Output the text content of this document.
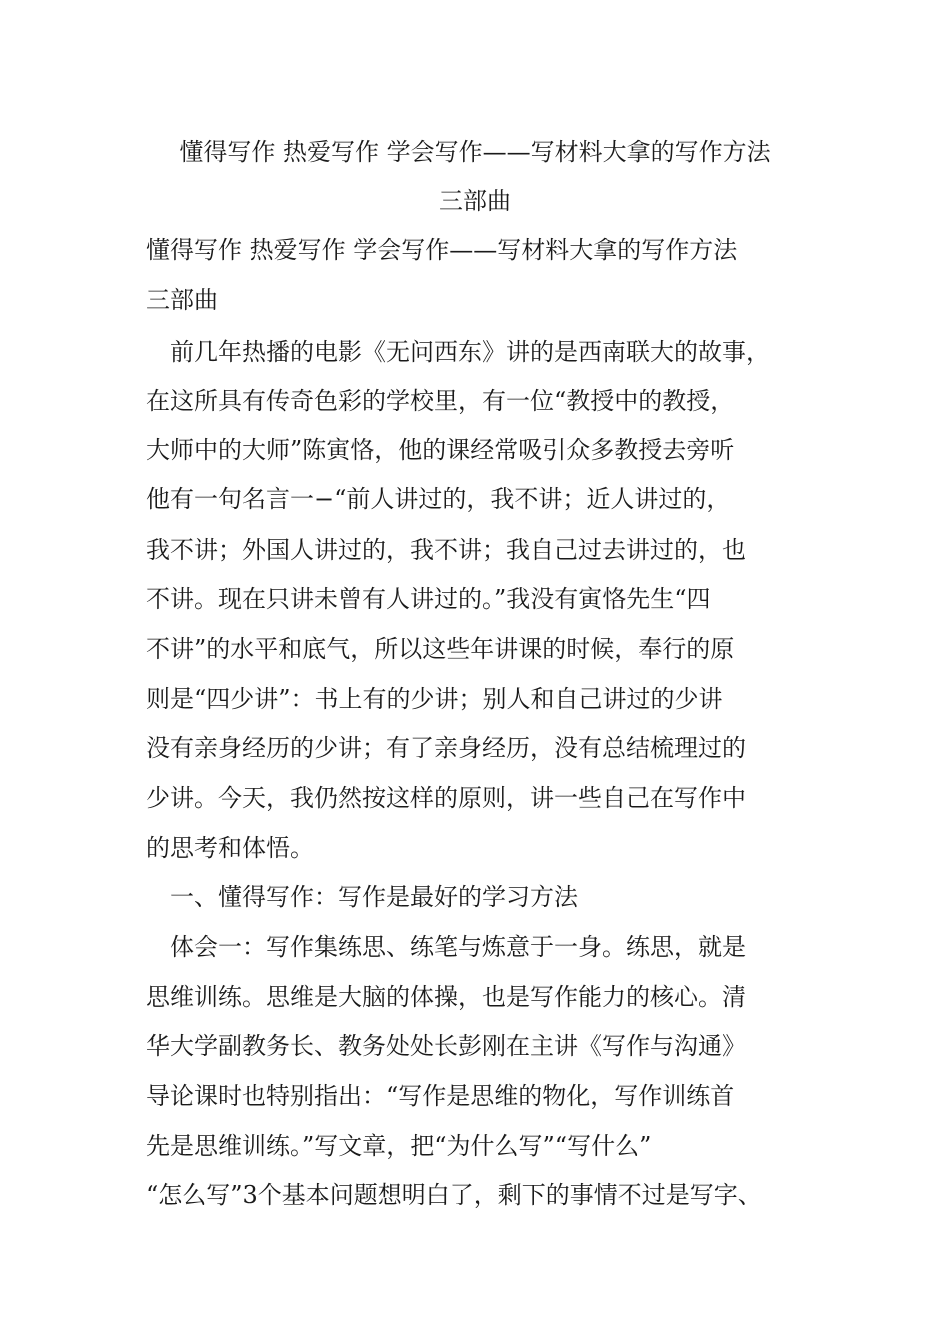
懂得写作 热爱写作 学会写作——写材料大拿的写作方法
三部曲
懂得写作 热爱写作 学会写作——写材料大拿的写作方法
三部曲
　前几年热播的电影《无问西东》讲的是西南联大的故事，
在这所具有传奇色彩的学校里，有一位“教授中的教授，
大师中的大师”陈寅恪，他的课经常吸引众多教授去旁听
他有一句名言一−“前人讲过的，我不讲；近人讲过的，
我不讲；外国人讲过的，我不讲；我自己过去讲过的，也
不讲。现在只讲未曾有人讲过的。”我没有寅恪先生“四
不讲”的水平和底气，所以这些年讲课的时候，奉行的原
则是“四少讲”：书上有的少讲；别人和自己讲过的少讲
没有亲身经历的少讲；有了亲身经历，没有总结梳理过的
少讲。今天，我仍然按这样的原则，讲一些自己在写作中
的思考和体悟。
　一、懂得写作：写作是最好的学习方法
　体会一：写作集练思、练笔与炼意于一身。练思，就是
思维训练。思维是大脑的体操，也是写作能力的核心。清
华大学副教务长、教务处处长彭刚在主讲《写作与沟通》
导论课时也特别指出：“写作是思维的物化，写作训练首
先是思维训练。”写文章，把“为什么写”“写什么”
“怎么写”3个基本问题想明白了，剩下的事情不过是写字、
